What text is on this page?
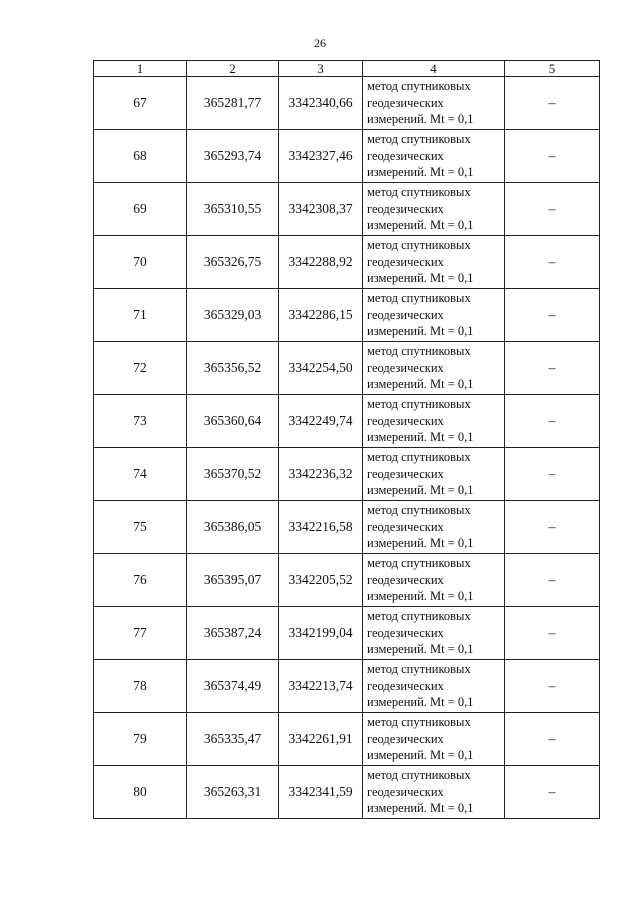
26
1	2	3	4	5
67	365281,77	3342340,66	метод спутниковых
геодезических
измерений. Mt = 0,1	–
68	365293,74	3342327,46	метод спутниковых
геодезических
измерений. Mt = 0,1	–
69	365310,55	3342308,37	метод спутниковых
геодезических
измерений. Mt = 0,1	–
70	365326,75	3342288,92	метод спутниковых
геодезических
измерений. Mt = 0,1	–
71	365329,03	3342286,15	метод спутниковых
геодезических
измерений. Mt = 0,1	–
72	365356,52	3342254,50	метод спутниковых
геодезических
измерений. Mt = 0,1	–
73	365360,64	3342249,74	метод спутниковых
геодезических
измерений. Mt = 0,1	–
74	365370,52	3342236,32	метод спутниковых
геодезических
измерений. Mt = 0,1	–
75	365386,05	3342216,58	метод спутниковых
геодезических
измерений. Mt = 0,1	–
76	365395,07	3342205,52	метод спутниковых
геодезических
измерений. Mt = 0,1	–
77	365387,24	3342199,04	метод спутниковых
геодезических
измерений. Mt = 0,1	–
78	365374,49	3342213,74	метод спутниковых
геодезических
измерений. Mt = 0,1	–
79	365335,47	3342261,91	метод спутниковых
геодезических
измерений. Mt = 0,1	–
80	365263,31	3342341,59	метод спутниковых
геодезических
измерений. Mt = 0,1	–
